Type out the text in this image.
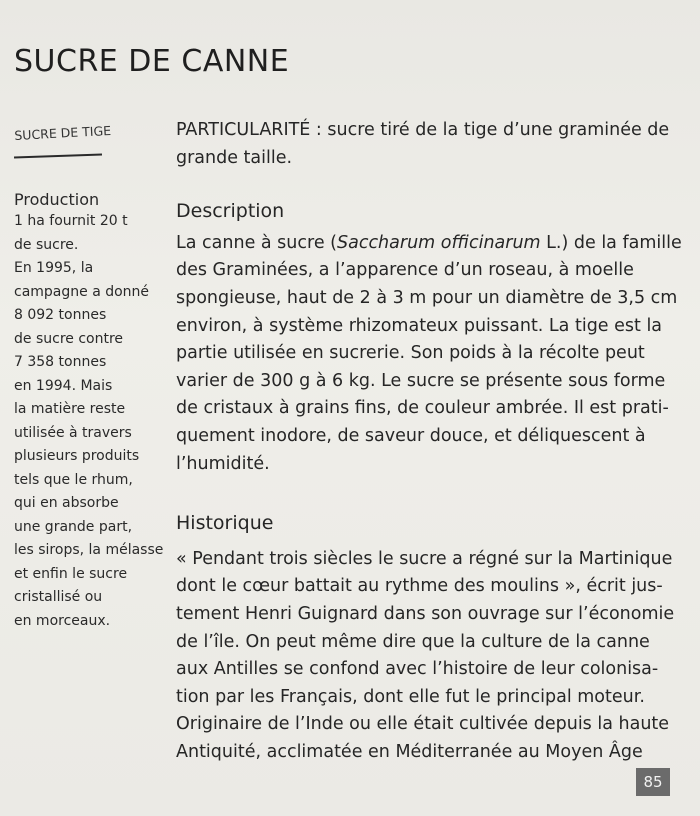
SUCRE DE CANNE
SUCRE DE TIGE
Production
1 ha fournit 20 t
de sucre.
En 1995, la
campagne a donné
8 092 tonnes
de sucre contre
7 358 tonnes
en 1994. Mais
la matière reste
utilisée à travers
plusieurs produits
tels que le rhum,
qui en absorbe
une grande part,
les sirops, la mélasse
et enfin le sucre
cristallisé ou
en morceaux.
PARTICULARITÉ : sucre tiré de la tige d’une graminée de
grande taille.
Description
La canne à sucre (Saccharum officinarum L.) de la famille
des Graminées, a l’apparence d’un roseau, à moelle
spongieuse, haut de 2 à 3 m pour un diamètre de 3,5 cm
environ, à système rhizomateux puissant. La tige est la
partie utilisée en sucrerie. Son poids à la récolte peut
varier de 300 g à 6 kg. Le sucre se présente sous forme
de cristaux à grains fins, de couleur ambrée. Il est prati-
quement inodore, de saveur douce, et déliquescent à
l’humidité.
Historique
« Pendant trois siècles le sucre a régné sur la Martinique
dont le cœur battait au rythme des moulins », écrit jus-
tement Henri Guignard dans son ouvrage sur l’économie
de l’île. On peut même dire que la culture de la canne
aux Antilles se confond avec l’histoire de leur colonisa-
tion par les Français, dont elle fut le principal moteur.
Originaire de l’Inde ou elle était cultivée depuis la haute
Antiquité, acclimatée en Méditerranée au Moyen Âge
85
